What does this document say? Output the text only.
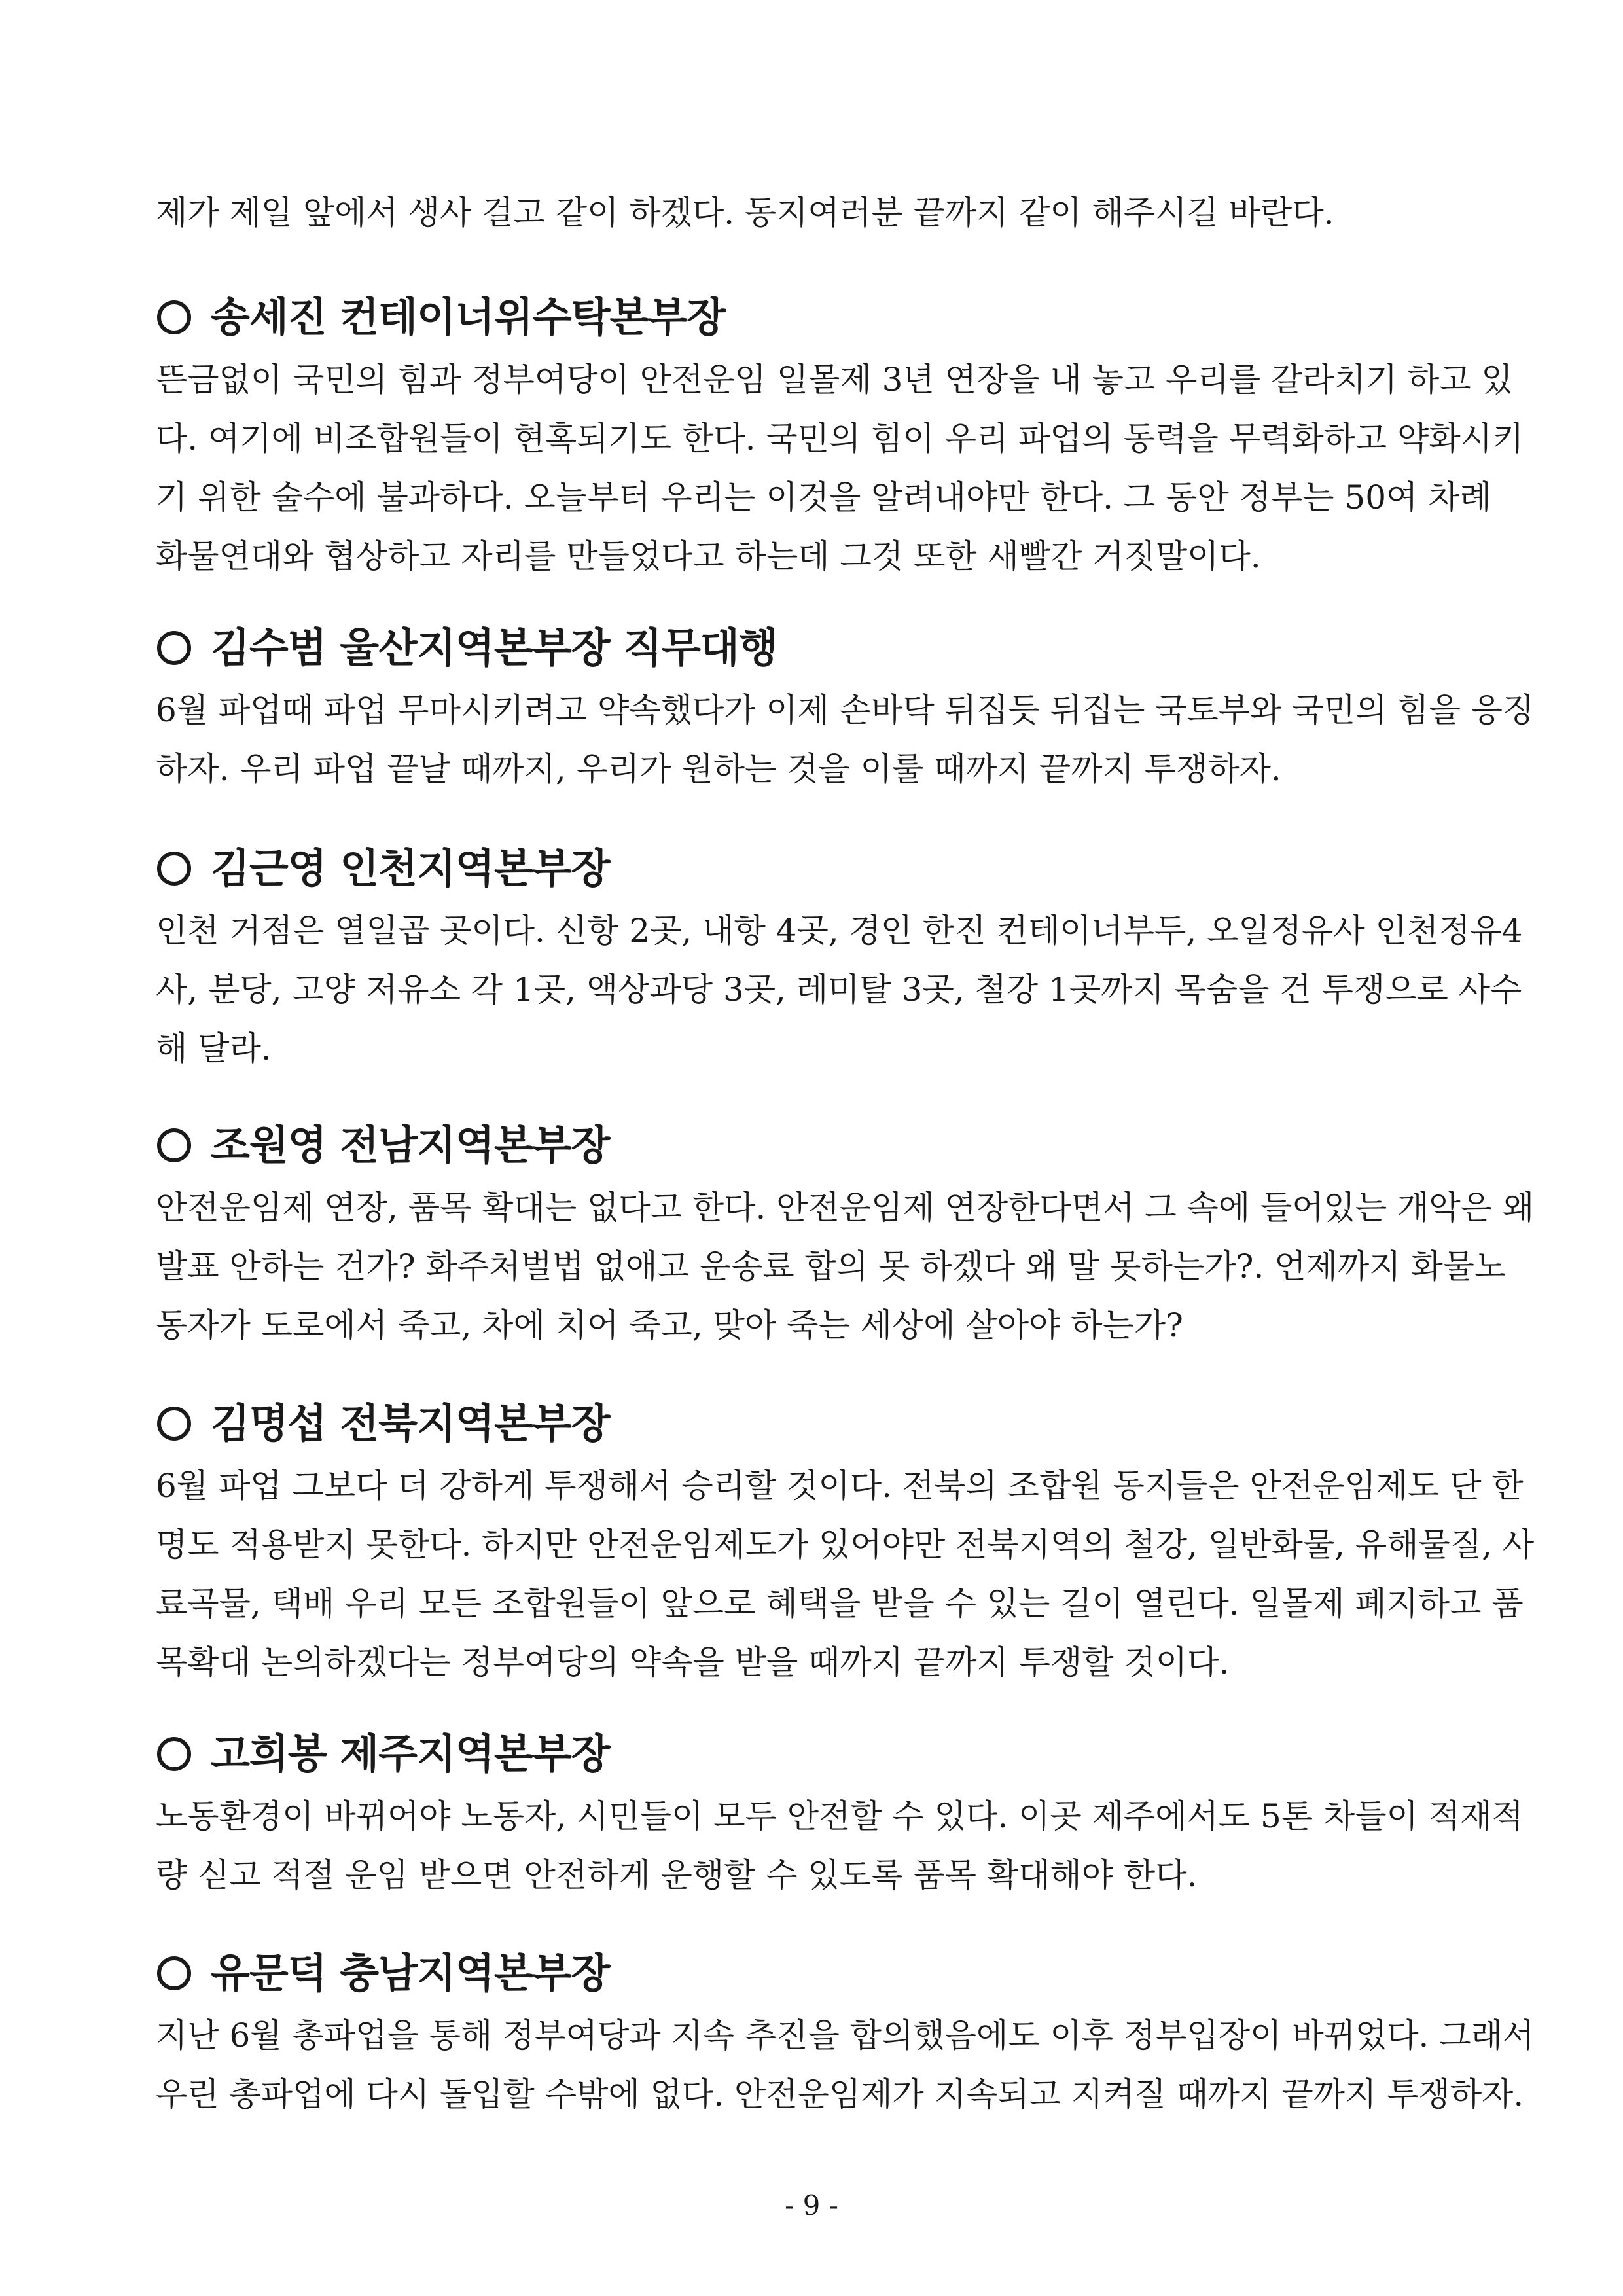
제가 제일 앞에서 생사 걸고 같이 하겠다. 동지여러분 끝까지 같이 해주시길 바란다.
송세진 컨테이너위수탁본부장
뜬금없이 국민의 힘과 정부여당이 안전운임 일몰제 3년 연장을 내 놓고 우리를 갈라치기 하고 있
다. 여기에 비조합원들이 현혹되기도 한다. 국민의 힘이 우리 파업의 동력을 무력화하고 약화시키
기 위한 술수에 불과하다. 오늘부터 우리는 이것을 알려내야만 한다. 그 동안 정부는 50여 차례
화물연대와 협상하고 자리를 만들었다고 하는데 그것 또한 새빨간 거짓말이다.
김수범 울산지역본부장 직무대행
6월 파업때 파업 무마시키려고 약속했다가 이제 손바닥 뒤집듯 뒤집는 국토부와 국민의 힘을 응징
하자. 우리 파업 끝날 때까지, 우리가 원하는 것을 이룰 때까지 끝까지 투쟁하자.
김근영 인천지역본부장
인천 거점은 열일곱 곳이다. 신항 2곳, 내항 4곳, 경인 한진 컨테이너부두, 오일정유사 인천정유4
사, 분당, 고양 저유소 각 1곳, 액상과당 3곳, 레미탈 3곳, 철강 1곳까지 목숨을 건 투쟁으로 사수
해 달라.
조원영 전남지역본부장
안전운임제 연장, 품목 확대는 없다고 한다. 안전운임제 연장한다면서 그 속에 들어있는 개악은 왜
발표 안하는 건가? 화주처벌법 없애고 운송료 합의 못 하겠다 왜 말 못하는가?. 언제까지 화물노
동자가 도로에서 죽고, 차에 치어 죽고, 맞아 죽는 세상에 살아야 하는가?
김명섭 전북지역본부장
6월 파업 그보다 더 강하게 투쟁해서 승리할 것이다. 전북의 조합원 동지들은 안전운임제도 단 한
명도 적용받지 못한다. 하지만 안전운임제도가 있어야만 전북지역의 철강, 일반화물, 유해물질, 사
료곡물, 택배 우리 모든 조합원들이 앞으로 혜택을 받을 수 있는 길이 열린다. 일몰제 폐지하고 품
목확대 논의하겠다는 정부여당의 약속을 받을 때까지 끝까지 투쟁할 것이다.
고희봉 제주지역본부장
노동환경이 바뀌어야 노동자, 시민들이 모두 안전할 수 있다. 이곳 제주에서도 5톤 차들이 적재적
량 싣고 적절 운임 받으면 안전하게 운행할 수 있도록 품목 확대해야 한다.
유문덕 충남지역본부장
지난 6월 총파업을 통해 정부여당과 지속 추진을 합의했음에도 이후 정부입장이 바뀌었다. 그래서
우린 총파업에 다시 돌입할 수밖에 없다. 안전운임제가 지속되고 지켜질 때까지 끝까지 투쟁하자.
- 9 -
